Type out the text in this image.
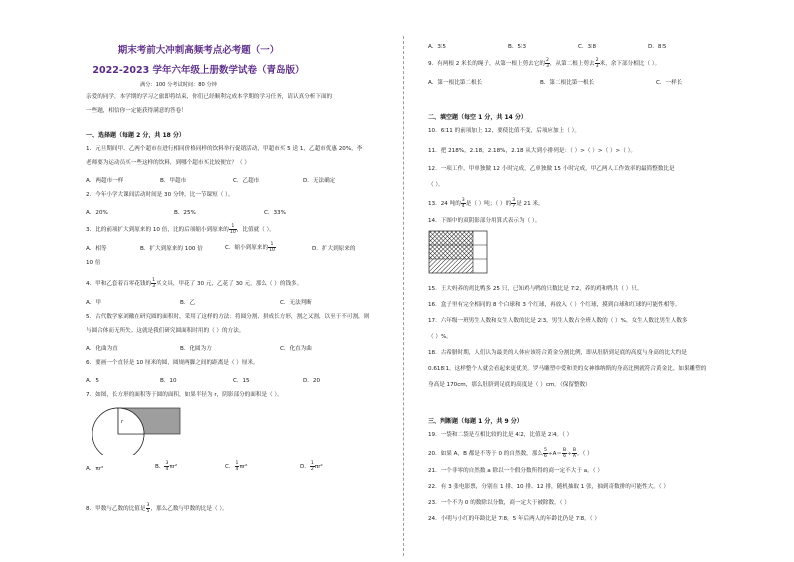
期末考前大冲刺高频考点必考题（一）
2022-2023 学年六年级上册数学试卷（青岛版）
满分：100 分考试时间：80 分钟
亲爱的同学，本学期的学习之旅即将结束，你们已经顺利完成本学期的学习任务，请认真分析下面的
一些题，相信你一定能获得满意的答卷！
一、选择题（每题 2 分，共 18 分）
1．元旦期间甲、乙两个超市在进行相同价格同样的饮料举行促销活动，甲超市买 5 送 1，乙超市优惠 20%，李
老师要为运动员买一些这样的饮料，到哪个超市买比较便宜？（ ）
A．两超市一样	B．甲超市	C．乙超市	D．无法确定
2．今年小学大课间活动时间是 30 分钟，比一节课短（ ）。
A．20%	B．25%	C．33%
3．比的前项扩大到原来的 10 倍，比的后项缩小到原来的 $\frac{1}{10}$ ，比值就（ ）。
A．相等	B．扩大到原来的 100 倍	C．缩小到原来的 $\frac{1}{10}$	D．扩大到原来的
10 倍
4．甲和乙套着百零花钱的 $\frac{1}{3}$ 买文具，甲花了 30 元，乙花了 30 元，那么（ ）的钱多。
A．甲	B．乙	C．无法判断
5．古代数学家刘徽在研究圆的面积时，采用了这样的方法：将圆分割，拼成长方形，割之又割，以至于不可割，则
与圆合体而无所失。这就是我们研究圆面积时用的（ ）的方法。
A．化曲为直	B．化圆为方	C．化直为曲
6．要画一个直径是 10 厘米的圆，圆规两脚之间的距离是（ ）厘米。
A．5	B．10	C．15	D．20
7．如图，长方形的面积等于圆的面积，如果半径为 r，阴影部分的面积是（ ）。
r
A．πr²	B． $\frac{3}{4} \pi r^2$	C． $\frac{1}{4} \pi r^2$	D． $\frac{1}{2} \pi r^2$
8．甲数与乙数的比值是 $\frac{3}{5}$ ，那么乙数与甲数的比是（ ）。
A．3∶5	B．5∶3	C．3∶8	D．8∶5
9．有两根 2 米长的绳子，从第一根上剪去它的 $\frac{2}{3}$ ，从第二根上剪去 $\frac{2}{3}$ 米，余下部分相比（ ）。
A．第一根比第二根长	B．第二根比第一根长	C．一样长
二、填空题（每空 1 分，共 14 分）
10．6∶11 的前项加上 12，要使比值不变，后项应加上（ ）。
11．把 218%，2.18，2.18%，2.18 从大到小排列是：（ ）>（ ）>（ ）>（ ）。
12．一项工作，甲单独做 12 小时完成，乙单独做 15 小时完成，甲乙两人工作效率的最简整数比是
（ ）。
13．24 吨的 $\frac{3}{4}$ 是（ ）吨；（ ）的 $\frac{3}{7}$ 是 21 米。
14．下图中的双阴影部分用算式表示为（ ）。
15．王大妈养的鸡比鸭多 25 只，已知鸡与鸭的只数比是 7∶2，养的鸡和鸭共（ ）只。
16．盒子里有完全相同的 8 个白球和 3 个红球，再放入（ ）个红球，摸到白球和红球的可能性相等。
17．六年级一班男生人数和女生人数的比是 2∶3，男生人数占全班人数的（ ）%，女生人数比男生人数多
（ ）%。
18．古希腊时期，人们认为最美的人体应该符合黄金分割比例，即从肚脐到足底的高度与身高的比大约是
0.618∶1，这样整个人就会看起来更优美。罗马雕塑中爱和美的女神维纳斯的身高比例就符合黄金比。如果雕塑的
身高是 170cm，那么肚脐到足底的高度是（ ）cm。（保留整数）
三、判断题（每题 1 分，共 9 分）
19．一袋和二袋是互相比较的比是 4∶2，比值是 2∶4。（ ）
20．如果 A，B 都是不等于 0 的自然数，那么 $\frac{5}{6} \div A= \frac{B}{6} \div \frac{B}{A}$ 。（ ）
21．一个非零的自然数 a 除以一个假分数所得的商一定不大于 a。（ ）
22．有 3 张电影票，分别在 1 排、10 排、12 排，随机抽取 1 张，抽到奇数排的可能性大。（ ）
23．一个不为 0 的数除以分数，商一定大于被除数。（ ）
24．小明与小红的年龄比是 7∶8，5 年后两人的年龄比仍是 7∶8。（ ）
